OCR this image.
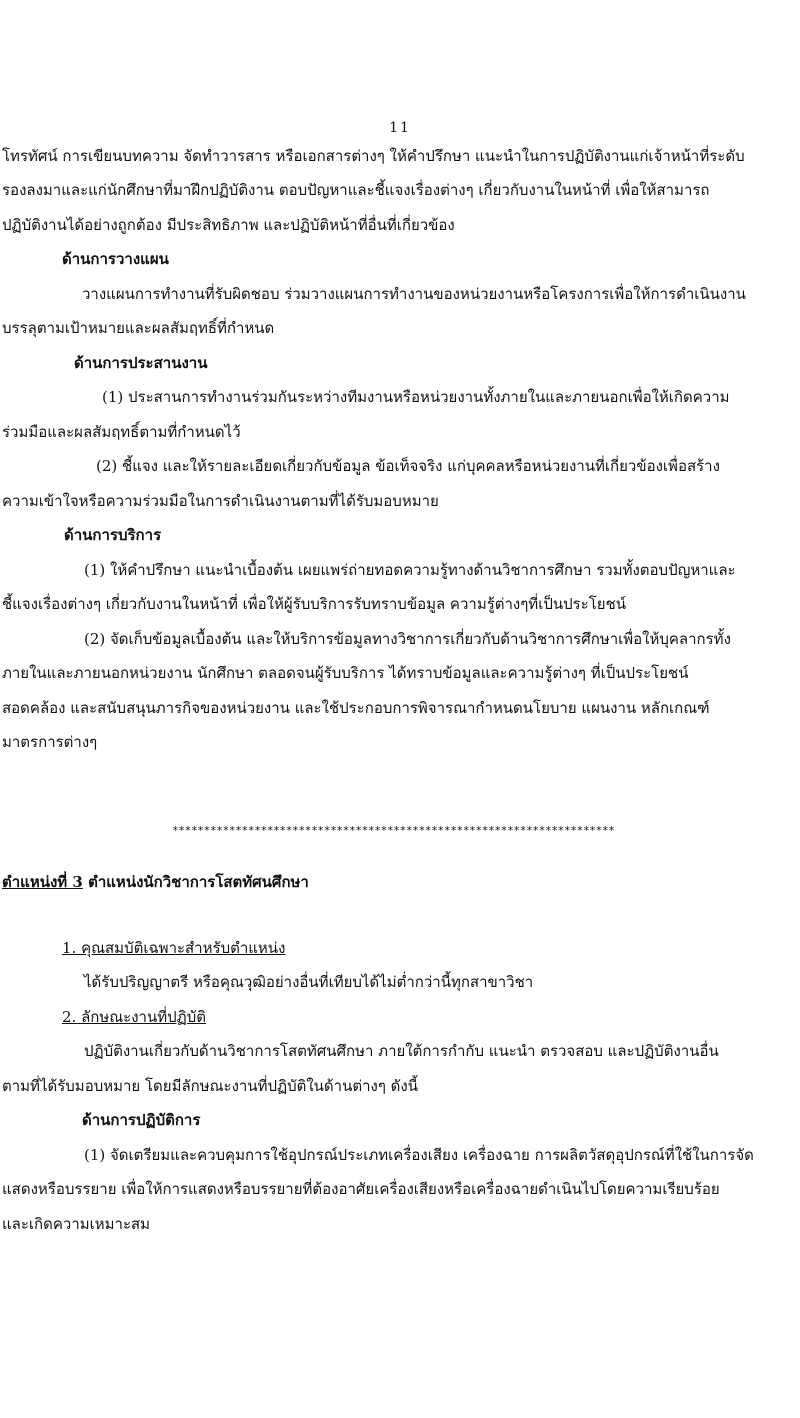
11
โทรทัศน์ การเขียนบทความ จัดทำวารสาร หรือเอกสารต่างๆ ให้คำปรึกษา แนะนำในการปฏิบัติงานแก่เจ้าหน้าที่ระดับ
รองลงมาและแก่นักศึกษาที่มาฝึกปฏิบัติงาน ตอบปัญหาและชี้แจงเรื่องต่างๆ เกี่ยวกับงานในหน้าที่ เพื่อให้สามารถ
ปฏิบัติงานได้อย่างถูกต้อง มีประสิทธิภาพ และปฏิบัติหน้าที่อื่นที่เกี่ยวข้อง
ด้านการวางแผน
วางแผนการทำงานที่รับผิดชอบ ร่วมวางแผนการทำงานของหน่วยงานหรือโครงการเพื่อให้การดำเนินงาน
บรรลุตามเป้าหมายและผลสัมฤทธิ์ที่กำหนด
ด้านการประสานงาน
(1) ประสานการทำงานร่วมกันระหว่างทีมงานหรือหน่วยงานทั้งภายในและภายนอกเพื่อให้เกิดความ
ร่วมมือและผลสัมฤทธิ์ตามที่กำหนดไว้
(2) ชี้แจง และให้รายละเอียดเกี่ยวกับข้อมูล ข้อเท็จจริง แก่บุคคลหรือหน่วยงานที่เกี่ยวข้องเพื่อสร้าง
ความเข้าใจหรือความร่วมมือในการดำเนินงานตามที่ได้รับมอบหมาย
ด้านการบริการ
(1) ให้คำปรึกษา แนะนำเบื้องต้น เผยแพร่ถ่ายทอดความรู้ทางด้านวิชาการศึกษา รวมทั้งตอบปัญหาและ
ชี้แจงเรื่องต่างๆ เกี่ยวกับงานในหน้าที่ เพื่อให้ผู้รับบริการรับทราบข้อมูล ความรู้ต่างๆที่เป็นประโยชน์
(2) จัดเก็บข้อมูลเบื้องต้น และให้บริการข้อมูลทางวิชาการเกี่ยวกับด้านวิชาการศึกษาเพื่อให้บุคลากรทั้ง
ภายในและภายนอกหน่วยงาน นักศึกษา ตลอดจนผู้รับบริการ ได้ทราบข้อมูลและความรู้ต่างๆ ที่เป็นประโยชน์
สอดคล้อง และสนับสนุนภารกิจของหน่วยงาน และใช้ประกอบการพิจารณากำหนดนโยบาย แผนงาน หลักเกณฑ์
มาตรการต่างๆ
**********************************************************************
ตำแหน่งที่ 3 ตำแหน่งนักวิชาการโสตทัศนศึกษา
1. คุณสมบัติเฉพาะสำหรับตำแหน่ง
ได้รับปริญญาตรี หรือคุณวุฒิอย่างอื่นที่เทียบได้ไม่ต่ำกว่านี้ทุกสาขาวิชา
2. ลักษณะงานที่ปฏิบัติ
ปฏิบัติงานเกี่ยวกับด้านวิชาการโสตทัศนศึกษา ภายใต้การกำกับ แนะนำ ตรวจสอบ และปฏิบัติงานอื่น
ตามที่ได้รับมอบหมาย โดยมีลักษณะงานที่ปฏิบัติในด้านต่างๆ ดังนี้
ด้านการปฏิบัติการ
(1) จัดเตรียมและควบคุมการใช้อุปกรณ์ประเภทเครื่องเสียง เครื่องฉาย การผลิตวัสดุอุปกรณ์ที่ใช้ในการจัด
แสดงหรือบรรยาย เพื่อให้การแสดงหรือบรรยายที่ต้องอาศัยเครื่องเสียงหรือเครื่องฉายดำเนินไปโดยความเรียบร้อย
และเกิดความเหมาะสม
